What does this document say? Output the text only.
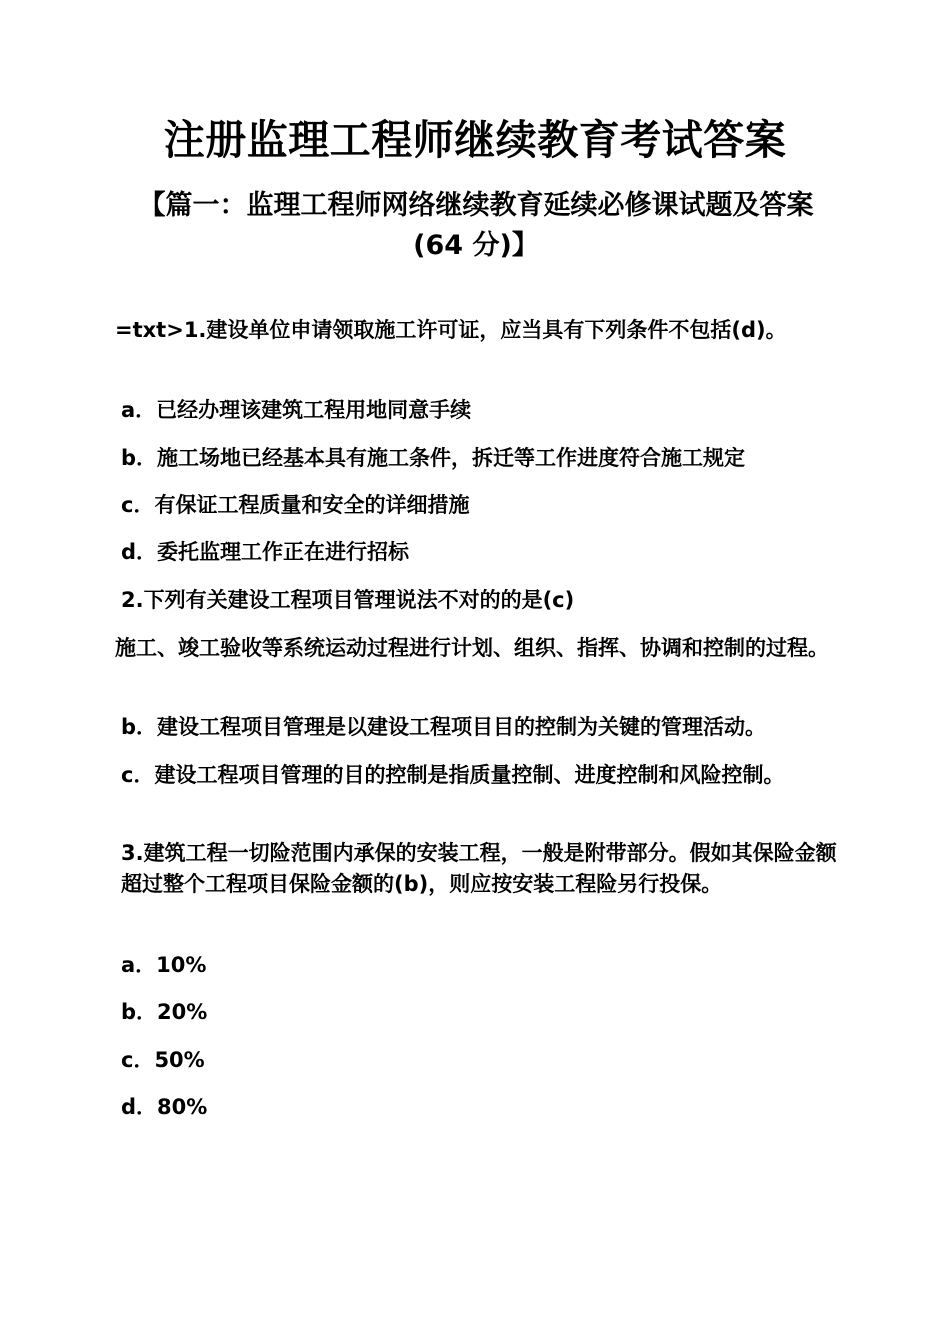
注册监理工程师继续教育考试答案
【篇一：监理工程师网络继续教育延续必修课试题及答案(64 分)】
=txt>1.建设单位申请领取施工许可证，应当具有下列条件不包括(d)。
a．已经办理该建筑工程用地同意手续
b．施工场地已经基本具有施工条件，拆迁等工作进度符合施工规定
c．有保证工程质量和安全的详细措施
d．委托监理工作正在进行招标
2.下列有关建设工程项目管理说法不对的的是(c)
施工、竣工验收等系统运动过程进行计划、组织、指挥、协调和控制的过程。
b．建设工程项目管理是以建设工程项目目的控制为关键的管理活动。
c．建设工程项目管理的目的控制是指质量控制、进度控制和风险控制。
3.建筑工程一切险范围内承保的安装工程，一般是附带部分。假如其保险金额超过整个工程项目保险金额的(b)，则应按安装工程险另行投保。
a．10%
b．20%
c．50%
d．80%
